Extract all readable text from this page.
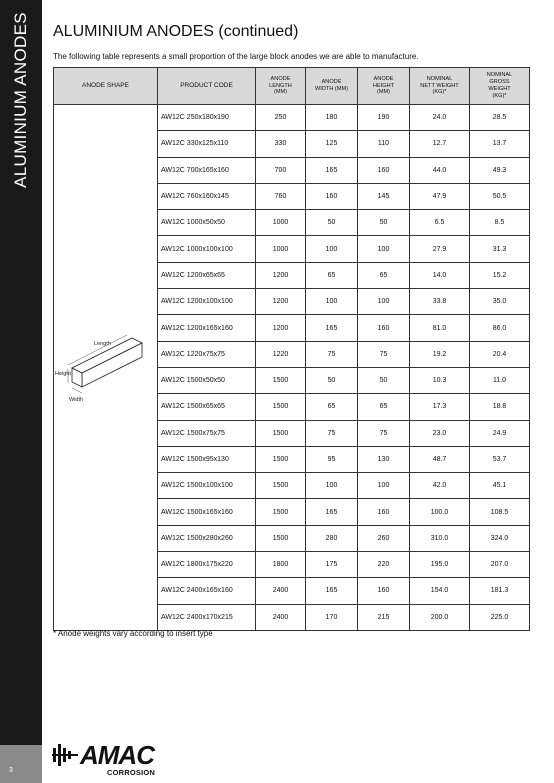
ALUMINIUM ANODES
3
ALUMINIUM ANODES (continued)

The following table represents a small proportion of the large block anodes we are able to manufacture.

ANODE SHAPE	PRODUCT CODE	ANODE
LENGTH
(MM)	ANODE
WIDTH (MM)	ANODE
HEIGHT
(MM)	NOMINAL
NETT WEIGHT
(KG)*	NOMINAL
GROSS
WEIGHT
(KG)*

Length
Height
Width	AW12C 250x180x190	250	180	190	24.0	28.5
	AW12C 330x125x110	330	125	110	12.7	13.7
	AW12C 700x165x160	700	165	160	44.0	49.3
	AW12C 760x160x145	760	160	145	47.9	50.5
	AW12C 1000x50x50	1000	50	50	6.5	8.5
	AW12C 1000x100x100	1000	100	100	27.9	31.3
	AW12C 1200x65x65	1200	65	65	14.0	15.2
	AW12C 1200x100x100	1200	100	100	33.8	35.0
	AW12C 1200x165x160	1200	165	160	81.0	86.0
	AW12C 1220x75x75	1220	75	75	19.2	20.4
	AW12C 1500x50x50	1500	50	50	10.3	11.0
	AW12C 1500x65x65	1500	65	65	17.3	18.8
	AW12C 1500x75x75	1500	75	75	23.0	24.9
	AW12C 1500x95x130	1500	95	130	48.7	53.7
	AW12C 1500x100x100	1500	100	100	42.0	45.1
	AW12C 1500x165x160	1500	165	160	100.0	108.5
	AW12C 1500x280x260	1500	280	260	310.0	324.0
	AW12C 1800x175x220	1800	175	220	195.0	207.0
	AW12C 2400x165x160	2400	165	160	154.0	181.3
	AW12C 2400x170x215	2400	170	215	200.0	225.0

* Anode weights vary according to insert type

AMAC
CORROSION
